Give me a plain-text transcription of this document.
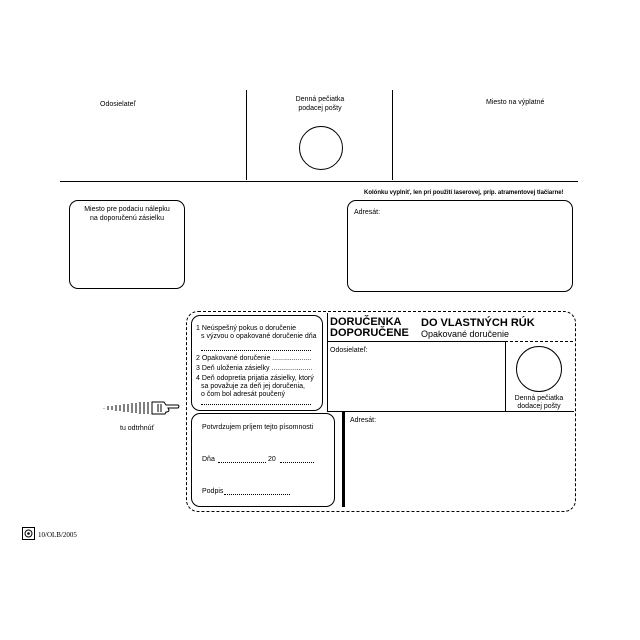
Odosielateľ
Denná pečiatka
podacej pošty
Miesto na výplatné
Kolónku vyplniť, len pri použití laserovej, príp. atramentovej tlačiarne!
Miesto pre podaciu nálepku
na doporučenú zásielku
Adresát:
tu odtrhnúť
1 Neúspešný pokus o doručenie
s výzvou o opakované doručenie dňa
2 Opakované doručenie ....................
3 Deň uloženia zásielky .....................
4 Deň odopretia prijatia zásielky, ktorý
sa považuje za deň jej doručenia,
o čom bol adresát poučený
Potvrdzujem príjem tejto písomnosti
Dňa	20
Podpis
DORUČENKA
DOPORUČENE
DO VLASTNÝCH RÚK
Opakované doručenie
Odosielateľ:
Adresát:
Denná pečiatka
dodacej pošty
10/OLB/2005
